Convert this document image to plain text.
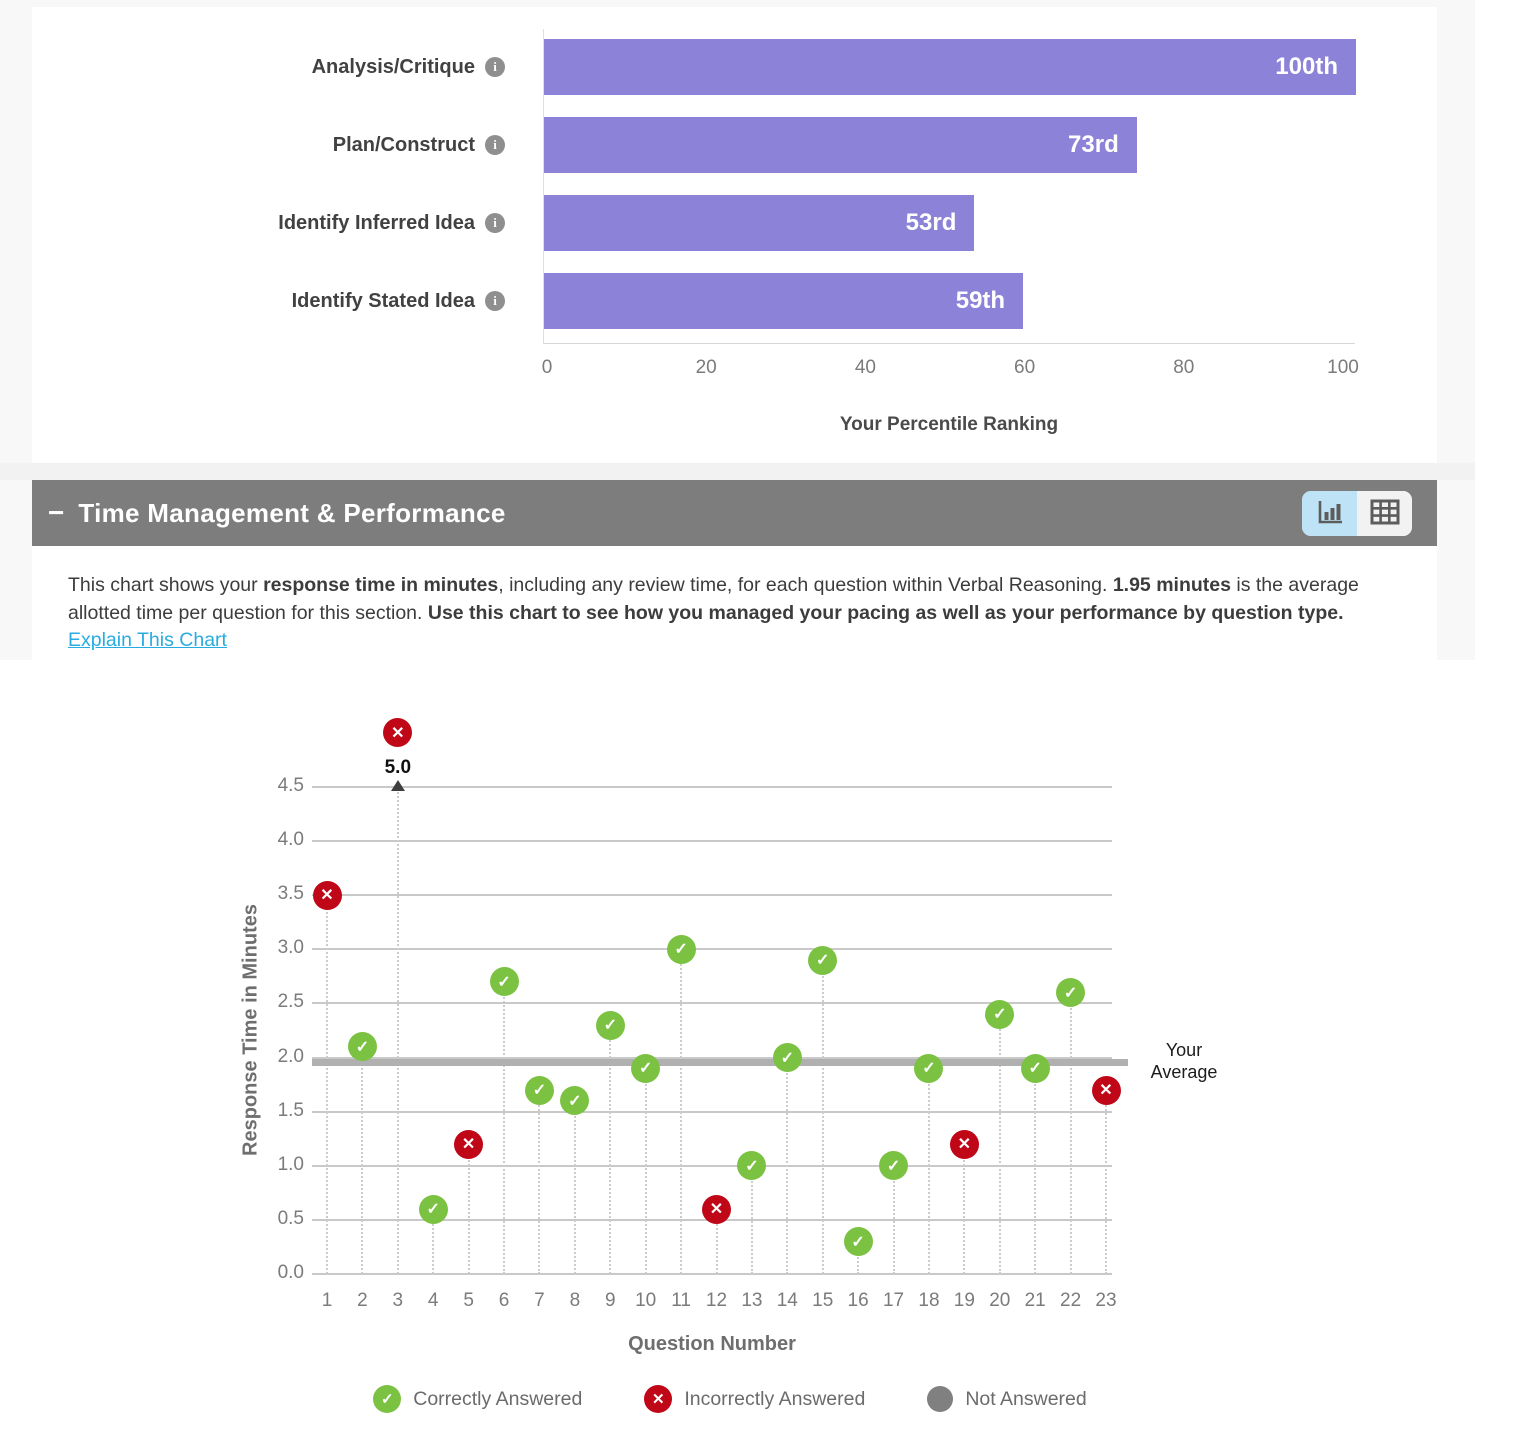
Analysis/Critique	i
Plan/Construct	i
Identify Inferred Idea	i
Identify Stated Idea	i
100th
73rd
53rd
59th
0	20	40	60	80	100
Your Percentile Ranking
− Time Management & Performance

This chart shows your response time in minutes, including any review time, for each question within Verbal Reasoning. 1.95 minutes is the average allotted time per question for this section. Use this chart to see how you managed your pacing as well as your performance by question type. Explain This Chart

Response Time in Minutes	Your Average
Question Number
0.0
0.5
1.0
1.5
2.0
2.5
3.0
3.5
4.0
4.5
✕
1
✓
2
✕
3
✓
4
✕
5
✓
6
✓
7
✓
8
✓
9
✓
10
✓
11
✕
12
✓
13
✓
14
✓
15
✓
16
✓
17
✓
18
✕
19
✓
20
✓
21
✓
22
✕
23
5.0
✓	Correctly Answered	✕	Incorrectly Answered	Not Answered
